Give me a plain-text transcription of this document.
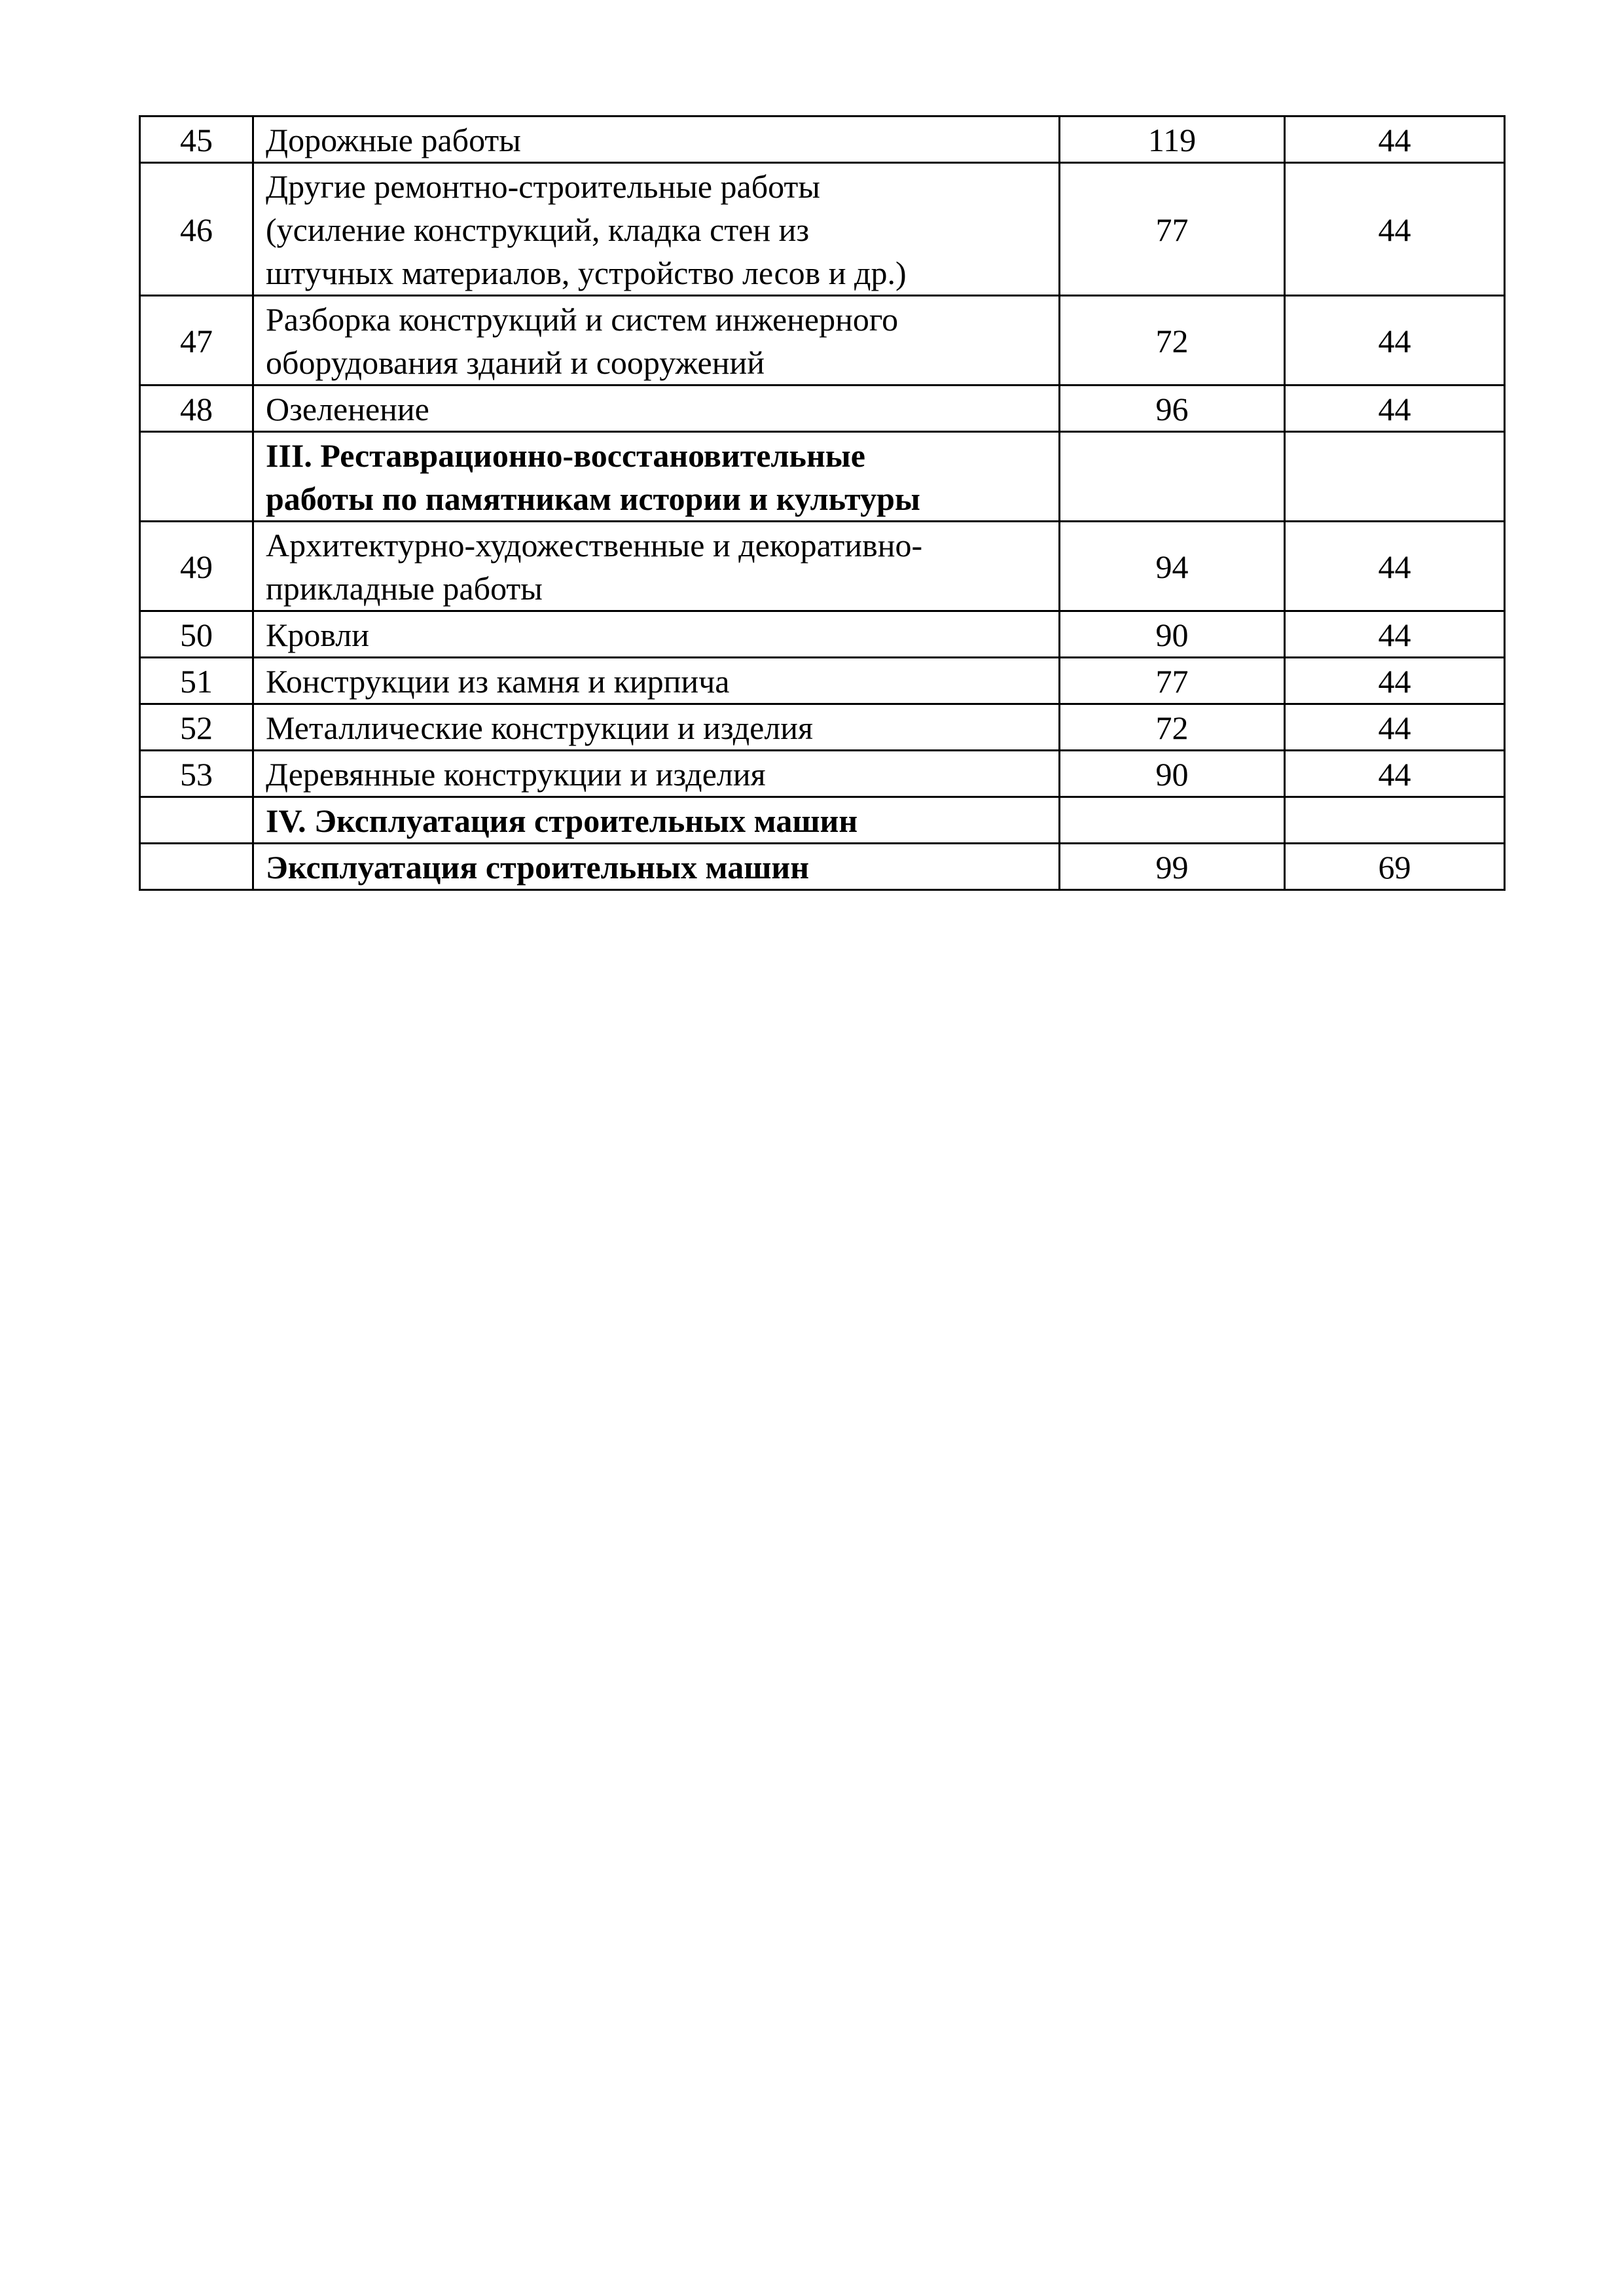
45	Дорожные работы	119	44
46	Другие ремонтно-строительные работы
(усиление конструкций, кладка стен из
штучных материалов, устройство лесов и др.)	77	44
47	Разборка конструкций и систем инженерного
оборудования зданий и сооружений	72	44
48	Озеленение	96	44
	III. Реставрационно-восстановительные
работы по памятникам истории и культуры		
49	Архитектурно-художественные и декоративно-
прикладные работы	94	44
50	Кровли	90	44
51	Конструкции из камня и кирпича	77	44
52	Металлические конструкции и изделия	72	44
53	Деревянные конструкции и изделия	90	44
	IV. Эксплуатация строительных машин		
	Эксплуатация строительных машин	99	69
